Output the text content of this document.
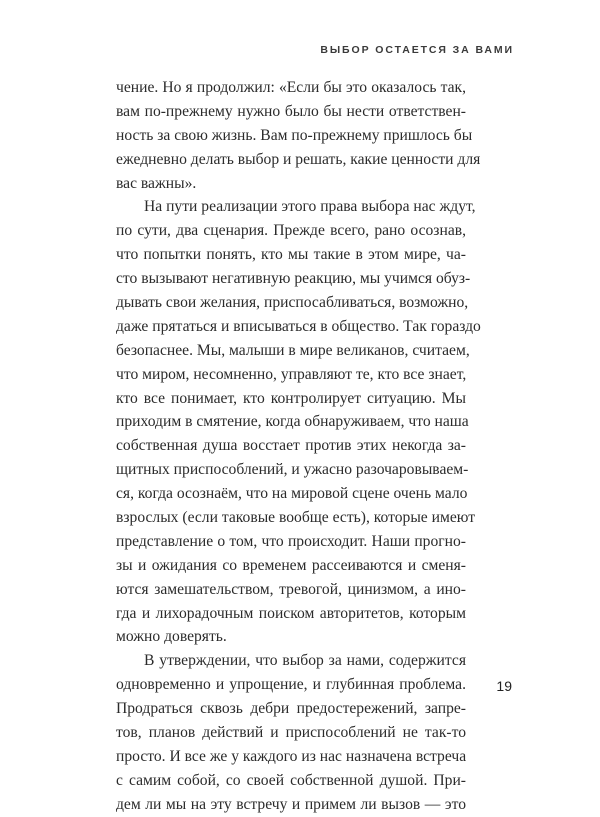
ВЫБОР ОСТАЕТСЯ ЗА ВАМИ
чение. Но я продолжил: «Если бы это оказалось так,
вам по-прежнему нужно было бы нести ответствен-
ность за свою жизнь. Вам по-прежнему пришлось бы
ежедневно делать выбор и решать, какие ценности для
вас важны».
На пути реализации этого права выбора нас ждут,
по сути, два сценария. Прежде всего, рано осознав,
что попытки понять, кто мы такие в этом мире, ча-
сто вызывают негативную реакцию, мы учимся обуз-
дывать свои желания, приспосабливаться, возможно,
даже прятаться и вписываться в общество. Так гораздо
безопаснее. Мы, малыши в мире великанов, считаем,
что миром, несомненно, управляют те, кто все знает,
кто все понимает, кто контролирует ситуацию. Мы
приходим в смятение, когда обнаруживаем, что наша
собственная душа восстает против этих некогда за-
щитных приспособлений, и ужасно разочаровываем-
ся, когда осознаём, что на мировой сцене очень мало
взрослых (если таковые вообще есть), которые имеют
представление о том, что происходит. Наши прогно-
зы и ожидания со временем рассеиваются и сменя-
ются замешательством, тревогой, цинизмом, а ино-
гда и лихорадочным поиском авторитетов, которым
можно доверять.
В утверждении, что выбор за нами, содержится
одновременно и упрощение, и глубинная проблема.
Продраться сквозь дебри предостережений, запре-
тов, планов действий и приспособлений не так-то
просто. И все же у каждого из нас назначена встреча
с самим собой, со своей собственной душой. При-
дем ли мы на эту встречу и примем ли вызов — это
19
